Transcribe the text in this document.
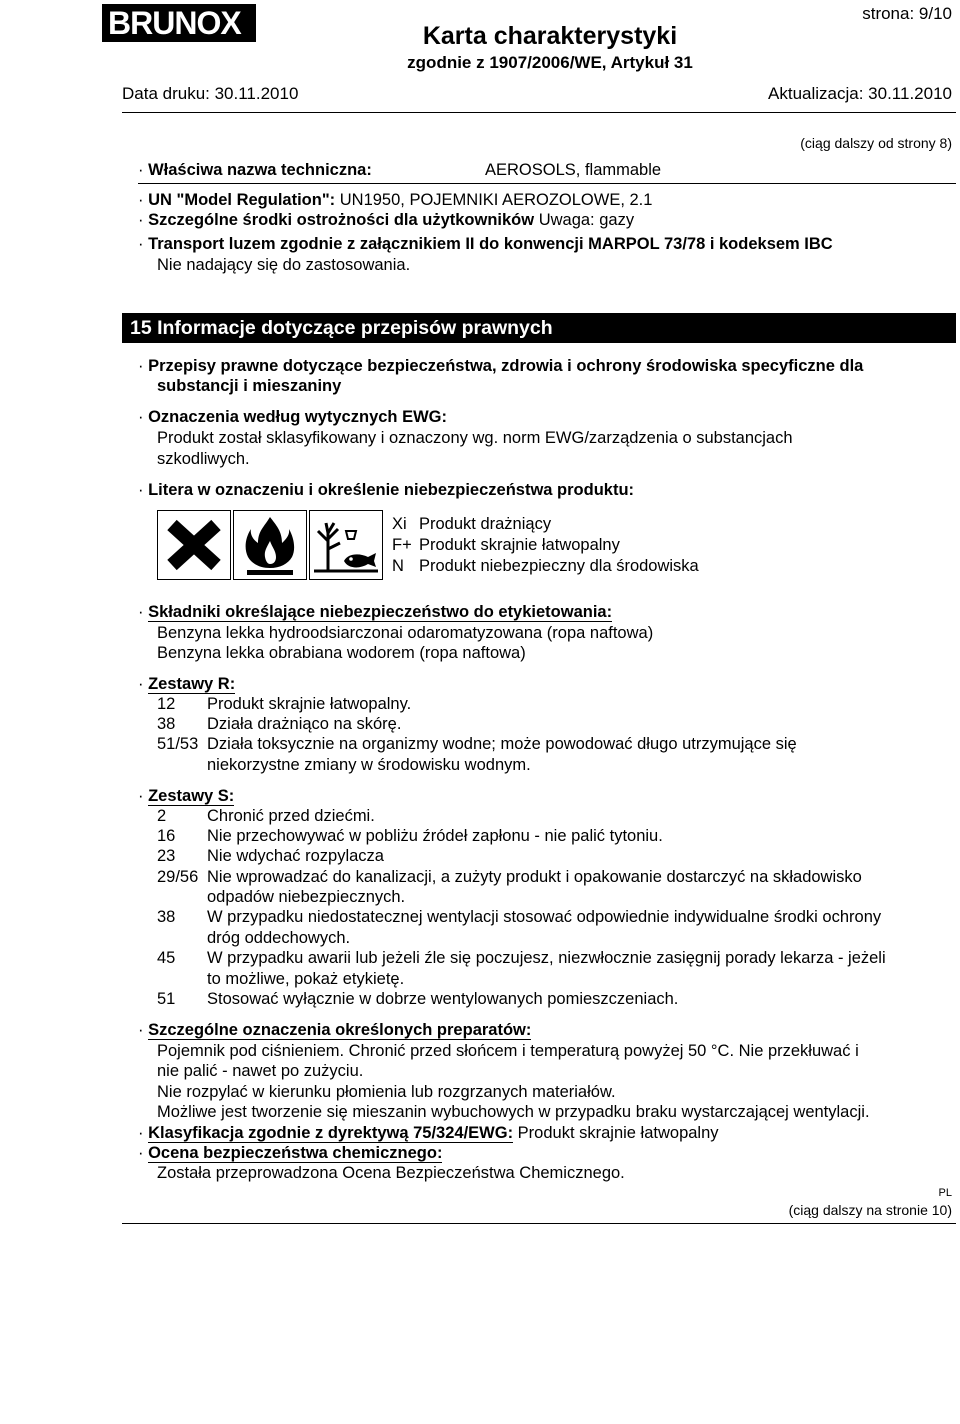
BRUNOX	strona: 9/10
Karta charakterystyki
zgodnie z 1907/2006/WE, Artykuł 31
Data druku: 30.11.2010	Aktualizacja: 30.11.2010
(ciąg dalszy od strony 8)
· Właściwa nazwa techniczna:	AEROSOLS, flammable
· UN "Model Regulation": UN1950, POJEMNIKI AEROZOLOWE, 2.1
· Szczególne środki ostrożności dla użytkowników Uwaga: gazy
· Transport luzem zgodnie z załącznikiem II do konwencji MARPOL 73/78 i kodeksem IBC
Nie nadający się do zastosowania.
15 Informacje dotyczące przepisów prawnych
· Przepisy prawne dotyczące bezpieczeństwa, zdrowia i ochrony środowiska specyficzne dla
substancji i mieszaniny
· Oznaczenia według wytycznych EWG:
Produkt został sklasyfikowany i oznaczony wg. norm EWG/zarządzenia o substancjach
szkodliwych.
· Litera w oznaczeniu i określenie niebezpieczeństwa produktu:
Xi Produkt drażniący
F+ Produkt skrajnie łatwopalny
N Produkt niebezpieczny dla środowiska
· Składniki określające niebezpieczeństwo do etykietowania:
Benzyna lekka hydroodsiarczonai odaromatyzowana (ropa naftowa)
Benzyna lekka obrabiana wodorem (ropa naftowa)
· Zestawy R:
12 Produkt skrajnie łatwopalny.
38 Działa drażniąco na skórę.
51/53 Działa toksycznie na organizmy wodne; może powodować długo utrzymujące się
niekorzystne zmiany w środowisku wodnym.
· Zestawy S:
2 Chronić przed dziećmi.
16 Nie przechowywać w pobliżu źródeł zapłonu - nie palić tytoniu.
23 Nie wdychać rozpylacza
29/56 Nie wprowadzać do kanalizacji, a zużyty produkt i opakowanie dostarczyć na składowisko
odpadów niebezpiecznych.
38 W przypadku niedostatecznej wentylacji stosować odpowiednie indywidualne środki ochrony
dróg oddechowych.
45 W przypadku awarii lub jeżeli źle się poczujesz, niezwłocznie zasięgnij porady lekarza - jeżeli
to możliwe, pokaż etykietę.
51 Stosować wyłącznie w dobrze wentylowanych pomieszczeniach.
· Szczególne oznaczenia określonych preparatów:
Pojemnik pod ciśnieniem. Chronić przed słońcem i temperaturą powyżej 50 °C. Nie przekłuwać i
nie palić - nawet po zużyciu.
Nie rozpylać w kierunku płomienia lub rozgrzanych materiałów.
Możliwe jest tworzenie się mieszanin wybuchowych w przypadku braku wystarczającej wentylacji.
· Klasyfikacja zgodnie z dyrektywą 75/324/EWG: Produkt skrajnie łatwopalny
· Ocena bezpieczeństwa chemicznego:
Została przeprowadzona Ocena Bezpieczeństwa Chemicznego.
PL
(ciąg dalszy na stronie 10)
